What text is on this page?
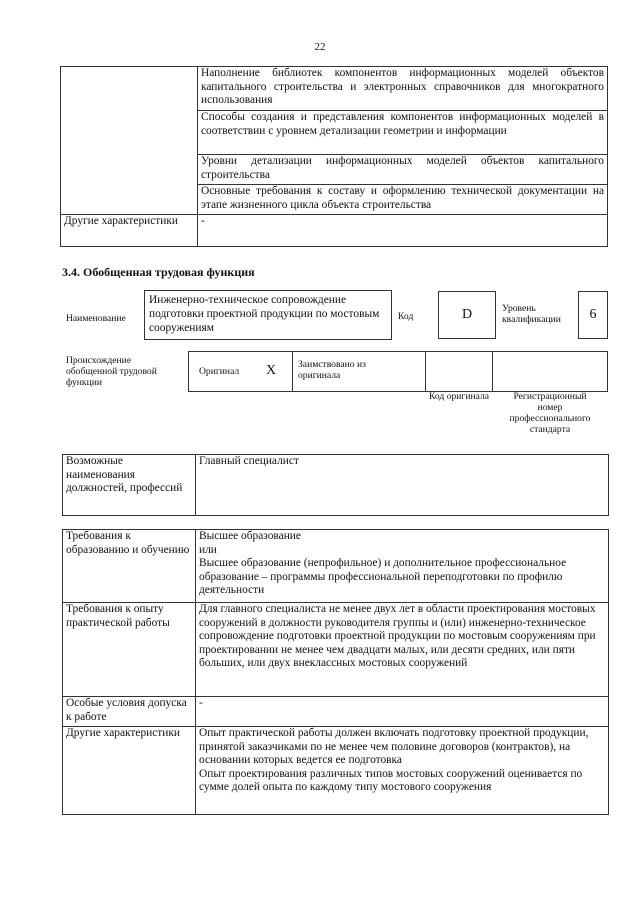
22
	Наполнение библиотек компонентов информационных моделей объектов капитального строительства и электронных справочников для многократного использования
	Способы создания и представления компонентов информационных моделей в соответствии с уровнем детализации геометрии и информации
	Уровни детализации информационных моделей объектов капитального строительства
	Основные требования к составу и оформлению технической документации на этапе жизненного цикла объекта строительства
Другие характеристики	-
3.4. Обобщенная трудовая функция
Наименование
Инженерно-техническое сопровождение подготовки проектной продукции по мостовым сооружениям
Код	D	Уровень квалификации	6
Происхождение обобщенной трудовой функции
Оригинал X Заимствовано из оригинала
Код оригинала	Регистрационный номер профессионального стандарта
Возможные наименования должностей, профессий	Главный специалист
Требования к образованию и обучению	Высшее образование
или
Высшее образование (непрофильное) и дополнительное профессиональное образование – программы профессиональной переподготовки по профилю деятельности

Требования к опыту практической работы	Для главного специалиста не менее двух лет в области проектирования мостовых сооружений в должности руководителя группы и (или) инженерно-техническое сопровождение подготовки проектной продукции по мостовым сооружениям при проектировании не менее чем двадцати малых, или десяти средних, или пяти больших, или двух внеклассных мостовых сооружений

Особые условия допуска к работе	-

Другие характеристики	Опыт практической работы должен включать подготовку проектной продукции, принятой заказчиками по не менее чем половине договоров (контрактов), на основании которых ведется ее подготовка
Опыт проектирования различных типов мостовых сооружений оценивается по сумме долей опыта по каждому типу мостового сооружения
